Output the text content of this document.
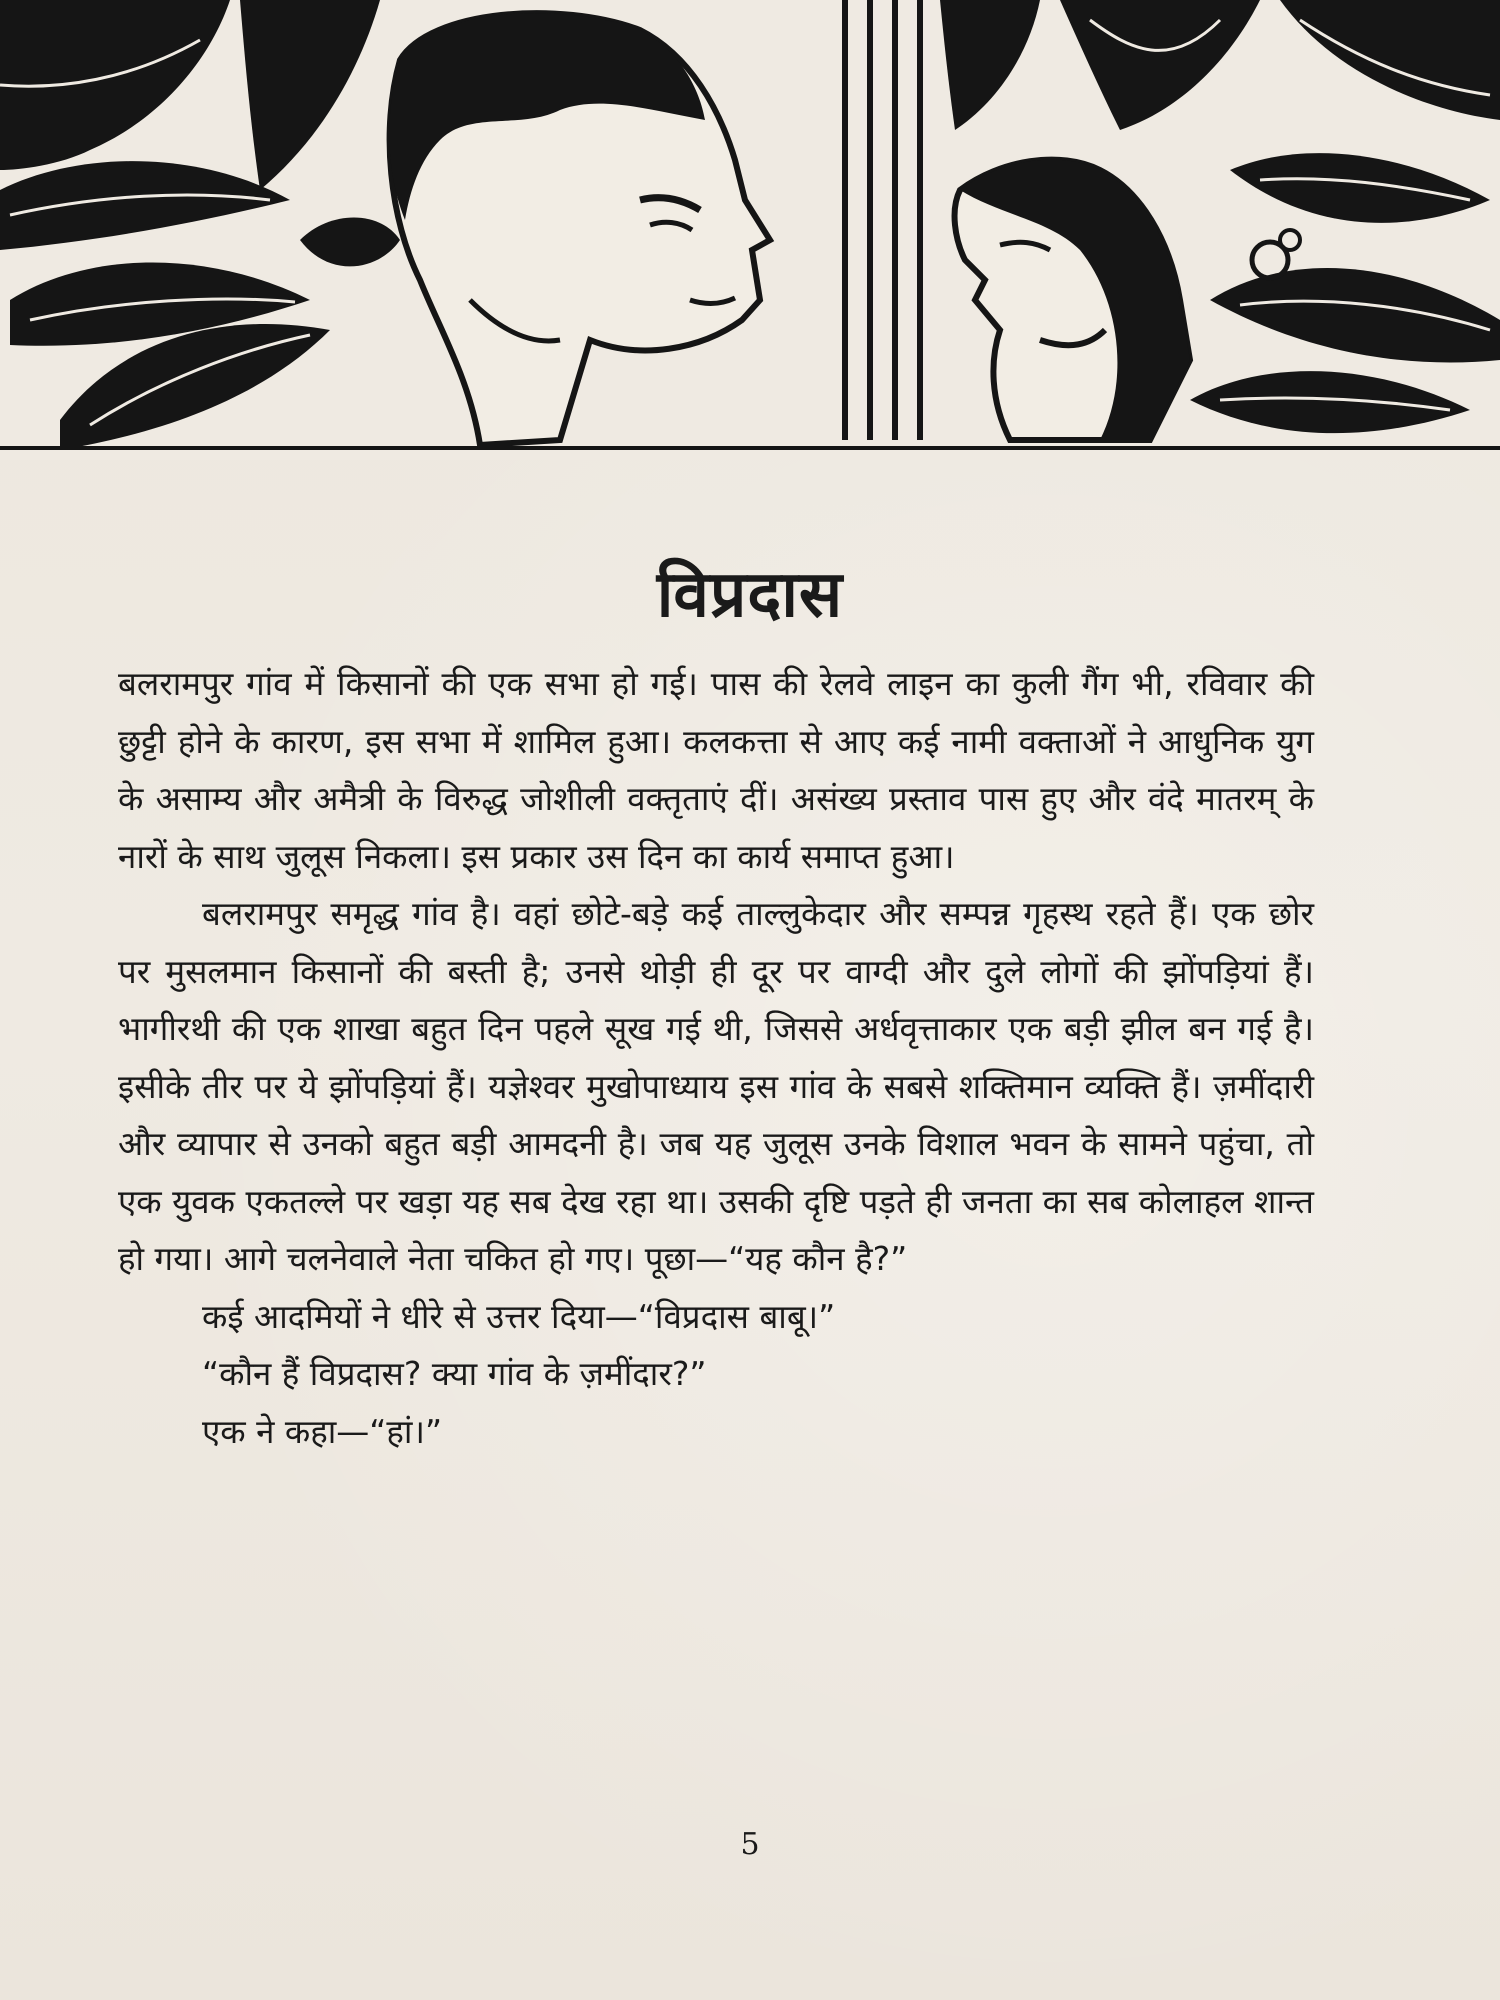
विप्रदास

बलरामपुर गांव में किसानों की एक सभा हो गई। पास की रेलवे लाइन का कुली गैंग भी, रविवार की छुट्टी होने के कारण, इस सभा में शामिल हुआ। कलकत्ता से आए कई नामी वक्ताओं ने आधुनिक युग के असाम्य और अमैत्री के विरुद्ध जोशीली वक्तृताएं दीं। असंख्य प्रस्ताव पास हुए और वंदे मातरम् के नारों के साथ जुलूस निकला। इस प्रकार उस दिन का कार्य समाप्त हुआ।

बलरामपुर समृद्ध गांव है। वहां छोटे-बड़े कई ताल्लुकेदार और सम्पन्न गृहस्थ रहते हैं। एक छोर पर मुसलमान किसानों की बस्ती है; उनसे थोड़ी ही दूर पर वाग्दी और दुले लोगों की झोंपड़ियां हैं। भागीरथी की एक शाखा बहुत दिन पहले सूख गई थी, जिससे अर्धवृत्ताकार एक बड़ी झील बन गई है। इसीके तीर पर ये झोंपड़ियां हैं। यज्ञेश्वर मुखोपाध्याय इस गांव के सबसे शक्तिमान व्यक्ति हैं। ज़मींदारी और व्यापार से उनको बहुत बड़ी आमदनी है। जब यह जुलूस उनके विशाल भवन के सामने पहुंचा, तो एक युवक एकतल्ले पर खड़ा यह सब देख रहा था। उसकी दृष्टि पड़ते ही जनता का सब कोलाहल शान्त हो गया। आगे चलनेवाले नेता चकित हो गए। पूछा—“यह कौन है?”

कई आदमियों ने धीरे से उत्तर दिया—“विप्रदास बाबू।”

“कौन हैं विप्रदास? क्या गांव के ज़मींदार?”

एक ने कहा—“हां।”

5
